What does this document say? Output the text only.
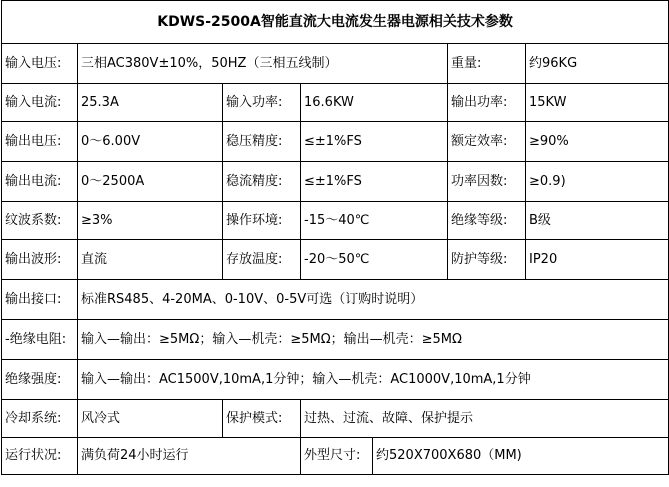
KDWS-2500A智能直流大电流发生器电源相关技术参数						
输入电压:	三相AC380V±10%，50HZ（三相五线制）				重量:	约96KG
输入电流:	25.3A	输入功率:	16.6KW		输出功率:	15KW
输出电压:	0～6.00V	稳压精度:	≤±1%FS		额定效率:	≥90%
输出电流:	0～2500A	稳流精度:	≤±1%FS		功率因数:	≥0.9)
纹波系数:	≥3%	操作环境:	-15～40℃		绝缘等级:	B级
输出波形:	直流	存放温度:	-20～50℃		防护等级:	IP20
输出接口:	标准RS485、4-20MA、0-10V、0-5V可选（订购时说明）					
-绝缘电阻:	输入—输出：≥5MΩ；输入—机壳：≥5MΩ；输出—机壳：≥5MΩ					
绝缘强度:	输入—输出：AC1500V,10mA,1分钟；输入—机壳：AC1000V,10mA,1分钟					
冷却系统:	风冷式	保护模式:	过热、过流、故障、保护提示			
运行状况:	满负荷24小时运行		外型尺寸:	约520X700X680（MM)		
